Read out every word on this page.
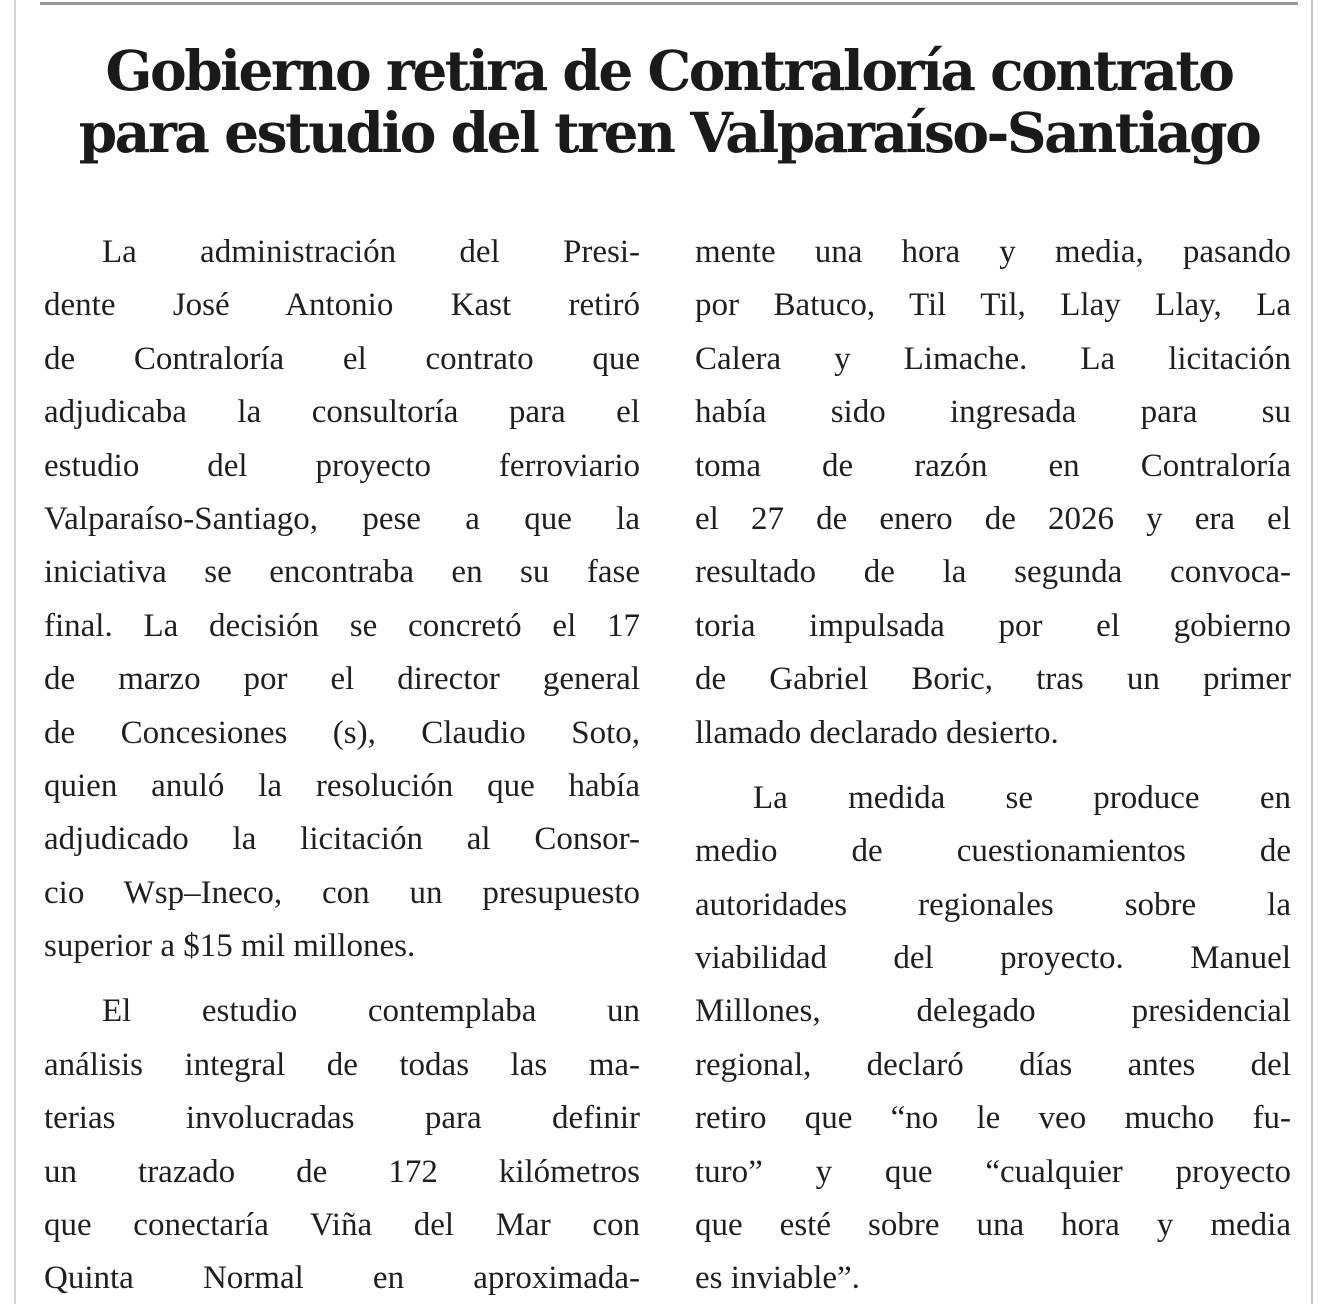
Gobierno retira de Contraloría contrato
para estudio del tren Valparaíso-Santiago
La administración del Presi-
dente José Antonio Kast retiró
de Contraloría el contrato que
adjudicaba la consultoría para el
estudio del proyecto ferroviario
Valparaíso-Santiago, pese a que la
iniciativa se encontraba en su fase
final. La decisión se concretó el 17
de marzo por el director general
de Concesiones (s), Claudio Soto,
quien anuló la resolución que había
adjudicado la licitación al Consor-
cio Wsp–Ineco, con un presupuesto
superior a $15 mil millones.
El estudio contemplaba un
análisis integral de todas las ma-
terias involucradas para definir
un trazado de 172 kilómetros
que conectaría Viña del Mar con
Quinta Normal en aproximada-
mente una hora y media, pasando
por Batuco, Til Til, Llay Llay, La
Calera y Limache. La licitación
había sido ingresada para su
toma de razón en Contraloría
el 27 de enero de 2026 y era el
resultado de la segunda convoca-
toria impulsada por el gobierno
de Gabriel Boric, tras un primer
llamado declarado desierto.
La medida se produce en
medio de cuestionamientos de
autoridades regionales sobre la
viabilidad del proyecto. Manuel
Millones, delegado presidencial
regional, declaró días antes del
retiro que “no le veo mucho fu-
turo” y que “cualquier proyecto
que esté sobre una hora y media
es inviable”.
